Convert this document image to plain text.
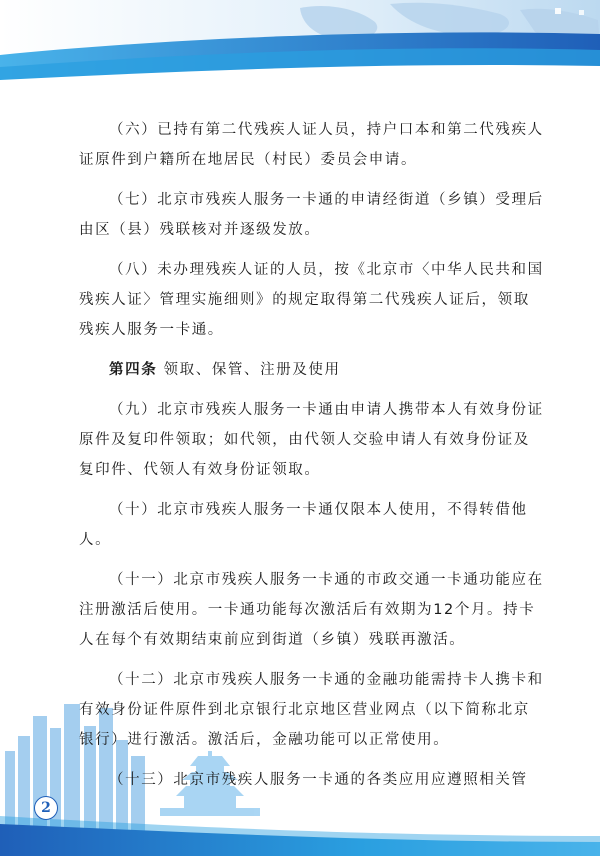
（六）已持有第二代残疾人证人员，持户口本和第二代残疾人证原件到户籍所在地居民（村民）委员会申请。

（七）北京市残疾人服务一卡通的申请经街道（乡镇）受理后由区（县）残联核对并逐级发放。

（八）未办理残疾人证的人员，按《北京市〈中华人民共和国残疾人证〉管理实施细则》的规定取得第二代残疾人证后，领取残疾人服务一卡通。

第四条 领取、保管、注册及使用

（九）北京市残疾人服务一卡通由申请人携带本人有效身份证原件及复印件领取；如代领，由代领人交验申请人有效身份证及复印件、代领人有效身份证领取。

（十）北京市残疾人服务一卡通仅限本人使用，不得转借他人。

（十一）北京市残疾人服务一卡通的市政交通一卡通功能应在注册激活后使用。一卡通功能每次激活后有效期为12个月。持卡人在每个有效期结束前应到街道（乡镇）残联再激活。

（十二）北京市残疾人服务一卡通的金融功能需持卡人携卡和有效身份证件原件到北京银行北京地区营业网点（以下简称北京银行）进行激活。激活后，金融功能可以正常使用。

（十三）北京市残疾人服务一卡通的各类应用应遵照相关管

2
